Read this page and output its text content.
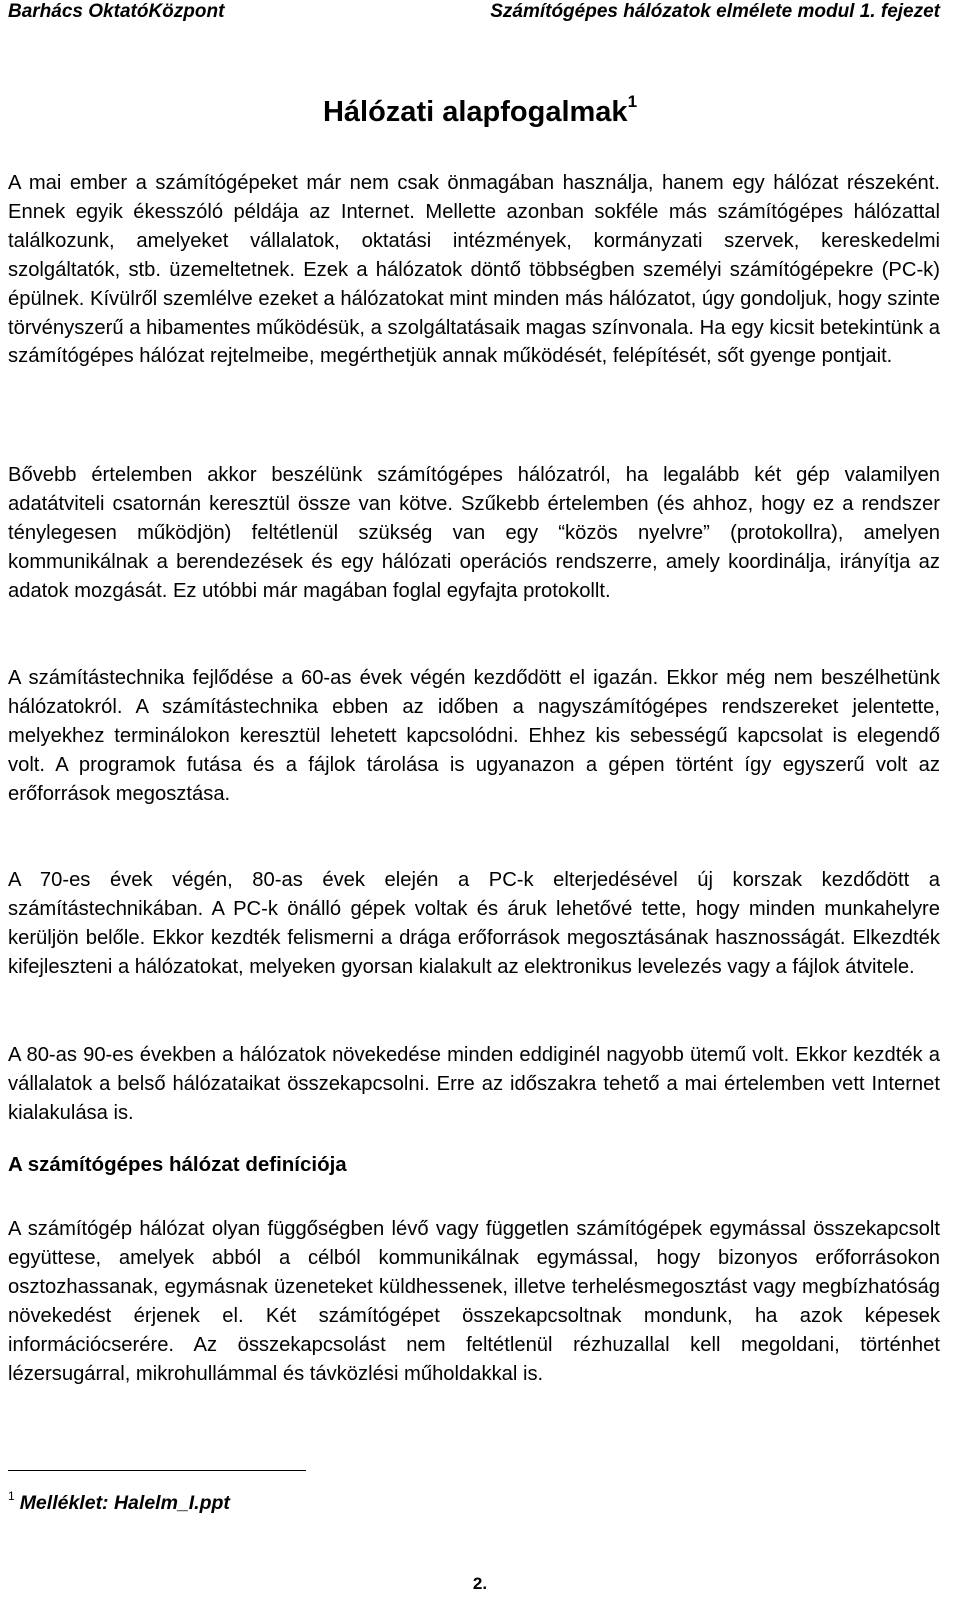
Barhács OktatóKözpont	Számítógépes hálózatok elmélete modul 1. fejezet
Hálózati alapfogalmak$^1$

A mai ember a számítógépeket már nem csak önmagában használja, hanem egy hálózat részeként. Ennek egyik ékesszóló példája az Internet. Mellette azonban sokféle más számítógépes hálózattal találkozunk, amelyeket vállalatok, oktatási intézmények, kormányzati szervek, kereskedelmi szolgáltatók, stb. üzemeltetnek. Ezek a hálózatok döntő többségben személyi számítógépekre (PC-k) épülnek. Kívülről szemlélve ezeket a hálózatokat mint minden más hálózatot, úgy gondoljuk, hogy szinte törvényszerű a hibamentes működésük, a szolgáltatásaik magas színvonala. Ha egy kicsit betekintünk a számítógépes hálózat rejtelmeibe, megérthetjük annak működését, felépítését, sőt gyenge pontjait.

Bővebb értelemben akkor beszélünk számítógépes hálózatról, ha legalább két gép valamilyen adatátviteli csatornán keresztül össze van kötve. Szűkebb értelemben (és ahhoz, hogy ez a rendszer ténylegesen működjön) feltétlenül szükség van egy “közös nyelvre” (protokollra), amelyen kommunikálnak a berendezések és egy hálózati operációs rendszerre, amely koordinálja, irányítja az adatok mozgását. Ez utóbbi már magában foglal egyfajta protokollt.

A számítástechnika fejlődése a 60-as évek végén kezdődött el igazán. Ekkor még nem beszélhetünk hálózatokról. A számítástechnika ebben az időben a nagyszámítógépes rendszereket jelentette, melyekhez terminálokon keresztül lehetett kapcsolódni. Ehhez kis sebességű kapcsolat is elegendő volt. A programok futása és a fájlok tárolása is ugyanazon a gépen történt így egyszerű volt az erőforrások megosztása.

A 70-es évek végén, 80-as évek elején a PC-k elterjedésével új korszak kezdődött a számítástechnikában. A PC-k önálló gépek voltak és áruk lehetővé tette, hogy minden munkahelyre kerüljön belőle. Ekkor kezdték felismerni a drága erőforrások megosztásának hasznosságát. Elkezdték kifejleszteni a hálózatokat, melyeken gyorsan kialakult az elektronikus levelezés vagy a fájlok átvitele.

A 80-as 90-es években a hálózatok növekedése minden eddiginél nagyobb ütemű volt. Ekkor kezdték a vállalatok a belső hálózataikat összekapcsolni. Erre az időszakra tehető a mai értelemben vett Internet kialakulása is.

A számítógépes hálózat definíciója

A számítógép hálózat olyan függőségben lévő vagy független számítógépek egymással összekapcsolt együttese, amelyek abból a célból kommunikálnak egymással, hogy bizonyos erőforrásokon osztozhassanak, egymásnak üzeneteket küldhessenek, illetve terhelésmegosztást vagy megbízhatóság növekedést érjenek el. Két számítógépet összekapcsoltnak mondunk, ha azok képesek információcserére. Az összekapcsolást nem feltétlenül rézhuzallal kell megoldani, történhet lézersugárral, mikrohullámmal és távközlési műholdakkal is.

$^1$ Melléklet: Halelm_I.ppt
2.
